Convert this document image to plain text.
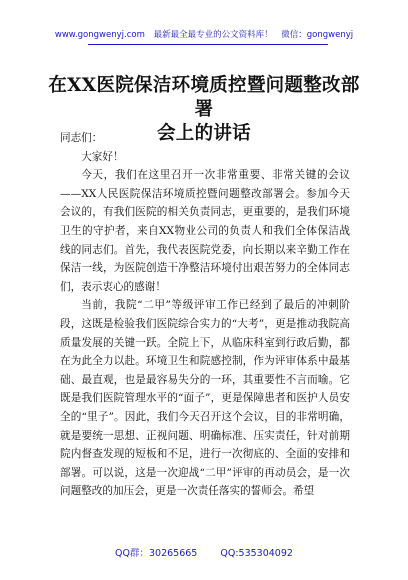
www.gongwenyj.com 最新最全最专业的公文资料库！ 微信：gongwenyj
在XX医院保洁环境质控暨问题整改部署
会上的讲话

同志们：

大家好！

今天，我们在这里召开一次非常重要、非常关键的会议——XX人民医院保洁环境质控暨问题整改部署会。参加今天会议的，有我们医院的相关负责同志，更重要的，是我们环境卫生的守护者，来自XX物业公司的负责人和我们全体保洁战线的同志们。首先，我代表医院党委，向长期以来辛勤工作在保洁一线，为医院创造干净整洁环境付出艰苦努力的全体同志们，表示衷心的感谢！

当前，我院“二甲”等级评审工作已经到了最后的冲刺阶段，这既是检验我们医院综合实力的“大考”，更是推动我院高质量发展的关键一跃。全院上下，从临床科室到行政后勤，都在为此全力以赴。环境卫生和院感控制，作为评审体系中最基础、最直观，也是最容易失分的一环，其重要性不言而喻。它既是我们医院管理水平的“面子”，更是保障患者和医护人员安全的“里子”。因此，我们今天召开这个会议，目的非常明确，就是要统一思想、正视问题、明确标准、压实责任，针对前期院内督查发现的短板和不足，进行一次彻底的、全面的安排和部署。可以说，这是一次迎战“二甲”评审的再动员会，是一次问题整改的加压会，更是一次责任落实的誓师会。希望

QQ群：30265665 QQ:535304092
